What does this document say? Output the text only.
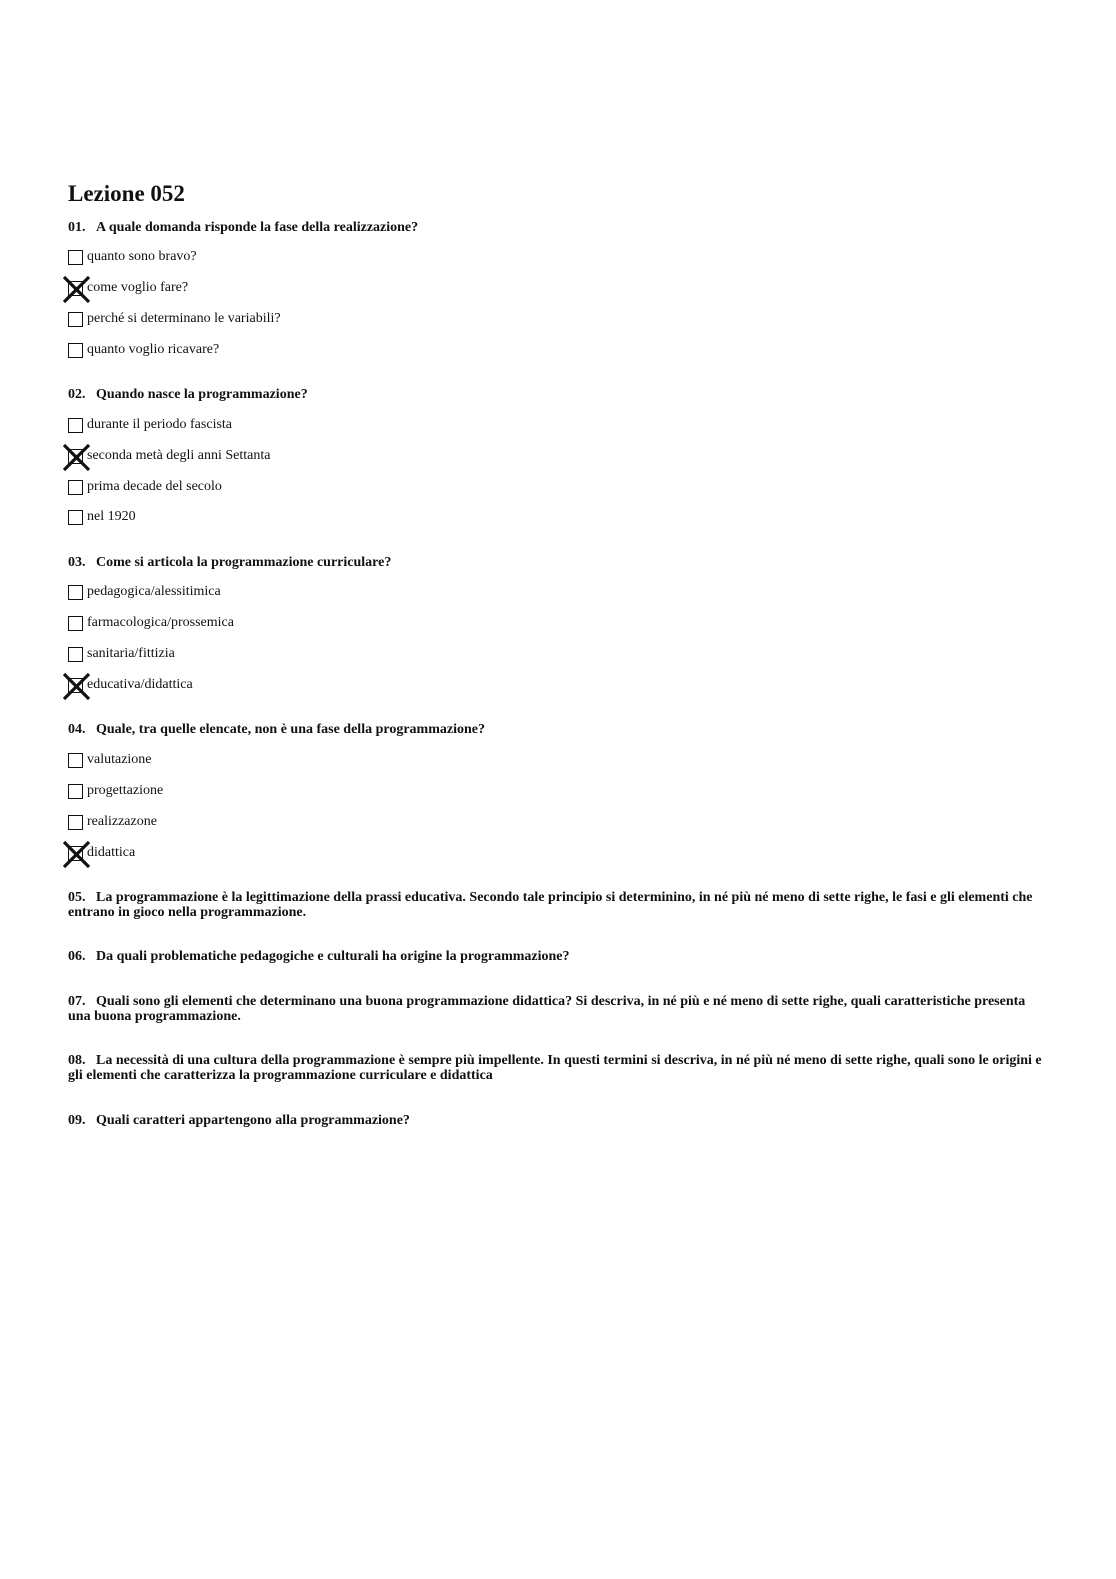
Lezione 052

01. A quale domanda risponde la fase della realizzazione?

quanto sono bravo?
come voglio fare?
perché si determinano le variabili?
quanto voglio ricavare?

02. Quando nasce la programmazione?

durante il periodo fascista
seconda metà degli anni Settanta
prima decade del secolo
nel 1920

03. Come si articola la programmazione curriculare?

pedagogica/alessitimica
farmacologica/prossemica
sanitaria/fittizia
educativa/didattica

04. Quale, tra quelle elencate, non è una fase della programmazione?

valutazione
progettazione
realizzazone
didattica

05. La programmazione è la legittimazione della prassi educativa. Secondo tale principio si determinino, in né più né meno di sette righe, le fasi e gli elementi che entrano in gioco nella programmazione.

06. Da quali problematiche pedagogiche e culturali ha origine la programmazione?

07. Quali sono gli elementi che determinano una buona programmazione didattica? Si descriva, in né più e né meno di sette righe, quali caratteristiche presenta una buona programmazione.

08. La necessità di una cultura della programmazione è sempre più impellente. In questi termini si descriva, in né più né meno di sette righe, quali sono le origini e gli elementi che caratterizza la programmazione curriculare e didattica

09. Quali caratteri appartengono alla programmazione?
